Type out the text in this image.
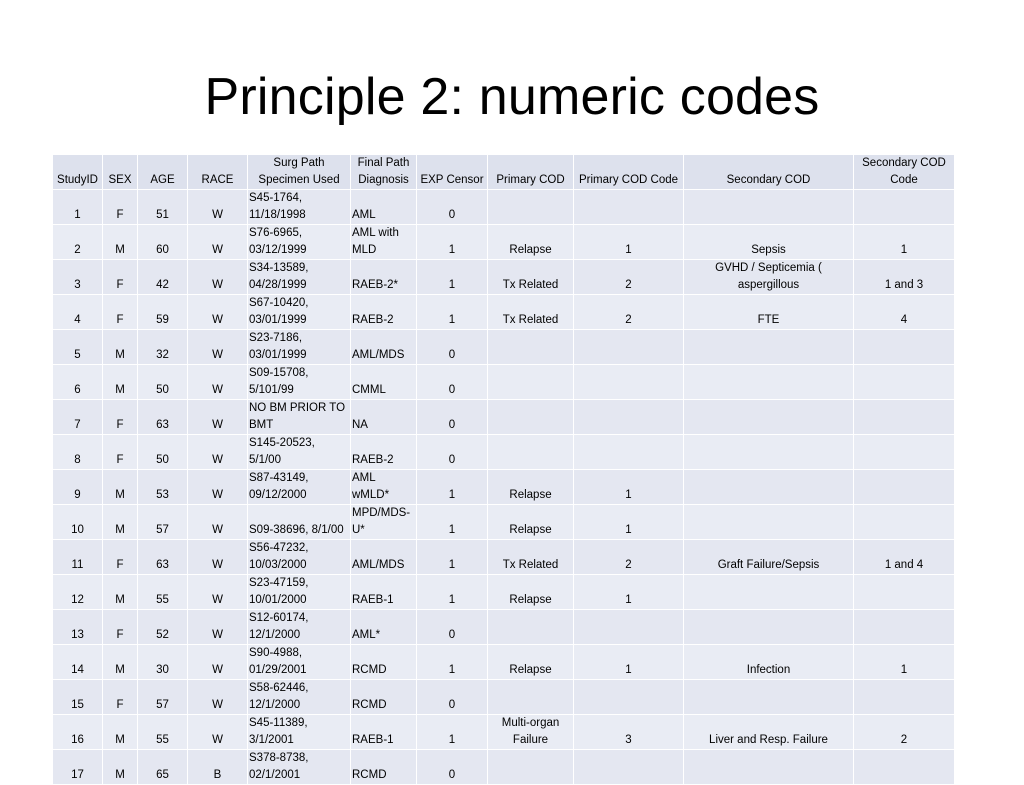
Principle 2: numeric codes
StudyID	SEX	AGE	RACE	Surg Path Specimen Used	Final Path Diagnosis	EXP Censor	Primary COD	Primary COD Code	Secondary COD	Secondary COD Code
1	F	51	W	S45-1764, 11/18/1998	AML	0				
2	M	60	W	S76-6965, 03/12/1999	AML with MLD	1	Relapse	1	Sepsis	1
3	F	42	W	S34-13589, 04/28/1999	RAEB-2*	1	Tx Related	2	GVHD / Septicemia ( aspergillous	1 and 3
4	F	59	W	S67-10420, 03/01/1999	RAEB-2	1	Tx Related	2	FTE	4
5	M	32	W	S23-7186, 03/01/1999	AML/MDS	0				
6	M	50	W	S09-15708, 5/101/99	CMML	0				
7	F	63	W	NO BM PRIOR TO BMT	NA	0				
8	F	50	W	S145-20523, 5/1/00	RAEB-2	0				
9	M	53	W	S87-43149, 09/12/2000	AML wMLD*	1	Relapse	1		
10	M	57	W	S09-38696, 8/1/00	MPD/MDS-U*	1	Relapse	1		
11	F	63	W	S56-47232, 10/03/2000	AML/MDS	1	Tx Related	2	Graft Failure/Sepsis	1 and 4
12	M	55	W	S23-47159, 10/01/2000	RAEB-1	1	Relapse	1		
13	F	52	W	S12-60174, 12/1/2000	AML*	0				
14	M	30	W	S90-4988, 01/29/2001	RCMD	1	Relapse	1	Infection	1
15	F	57	W	S58-62446, 12/1/2000	RCMD	0				
16	M	55	W	S45-11389, 3/1/2001	RAEB-1	1	Multi-organ Failure	3	Liver and Resp. Failure	2
17	M	65	B	S378-8738, 02/1/2001	RCMD	0				
